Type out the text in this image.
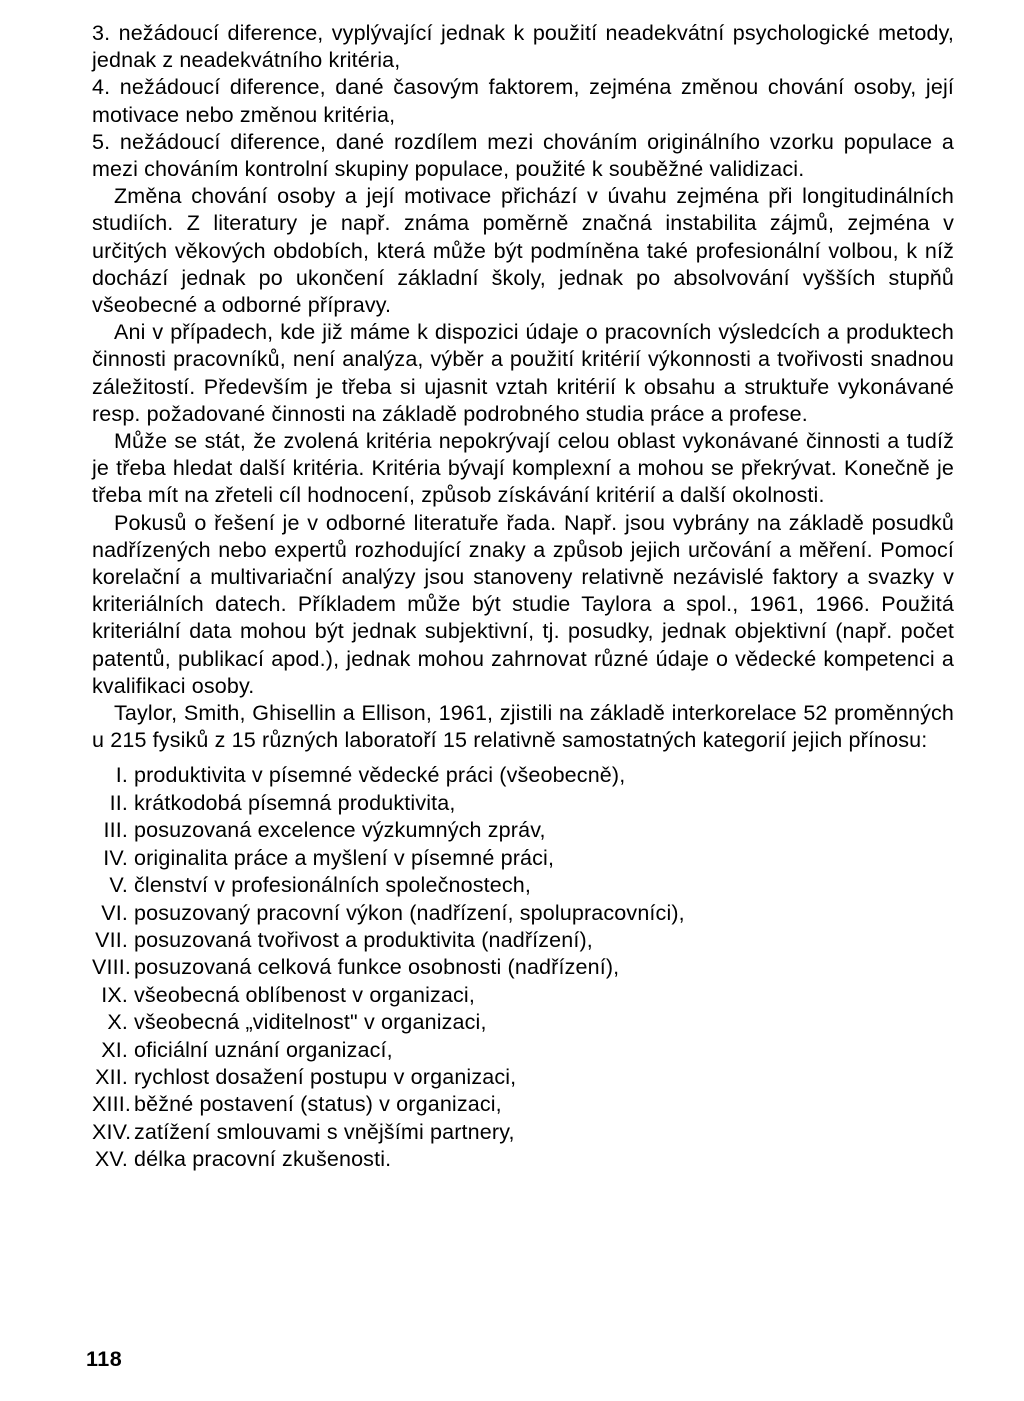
3. nežádoucí diference, vyplývající jednak k použití neadekvátní psychologické metody, jednak z neadekvátního kritéria,

4. nežádoucí diference, dané časovým faktorem, zejména změnou chování osoby, její motivace nebo změnou kritéria,

5. nežádoucí diference, dané rozdílem mezi chováním originálního vzorku populace a mezi chováním kontrolní skupiny populace, použité k souběžné validizaci.

Změna chování osoby a její motivace přichází v úvahu zejména při longitudinálních studiích. Z literatury je např. známa poměrně značná instabilita zájmů, zejména v určitých věkových obdobích, která může být podmíněna také profesionální volbou, k níž dochází jednak po ukončení základní školy, jednak po absolvování vyšších stupňů všeobecné a odborné přípravy.

Ani v případech, kde již máme k dispozici údaje o pracovních výsledcích a produktech činnosti pracovníků, není analýza, výběr a použití kritérií výkonnosti a tvořivosti snadnou záležitostí. Především je třeba si ujasnit vztah kritérií k obsahu a struktuře vykonávané resp. požadované činnosti na základě podrobného studia práce a profese.

Může se stát, že zvolená kritéria nepokrývají celou oblast vykonávané činnosti a tudíž je třeba hledat další kritéria. Kritéria bývají komplexní a mohou se překrývat. Konečně je třeba mít na zřeteli cíl hodnocení, způsob získávání kritérií a další okolnosti.

Pokusů o řešení je v odborné literatuře řada. Např. jsou vybrány na základě posudků nadřízených nebo expertů rozhodující znaky a způsob jejich určování a měření. Pomocí korelační a multivariační analýzy jsou stanoveny relativně nezávislé faktory a svazky v kriteriálních datech. Příkladem může být studie Taylora a spol., 1961, 1966. Použitá kriteriální data mohou být jednak subjektivní, tj. posudky, jednak objektivní (např. počet patentů, publikací apod.), jednak mohou zahrnovat různé údaje o vědecké kompetenci a kvalifikaci osoby.

Taylor, Smith, Ghisellin a Ellison, 1961, zjistili na základě interkorelace 52 proměnných u 215 fysiků z 15 různých laboratoří 15 relativně samostatných kategorií jejich přínosu:

I. produktivita v písemné vědecké práci (všeobecně),
II. krátkodobá písemná produktivita,
III. posuzovaná excelence výzkumných zpráv,
IV. originalita práce a myšlení v písemné práci,
V. členství v profesionálních společnostech,
VI. posuzovaný pracovní výkon (nadřízení, spolupracovníci),
VII. posuzovaná tvořivost a produktivita (nadřízení),
VIII. posuzovaná celková funkce osobnosti (nadřízení),
IX. všeobecná oblíbenost v organizaci,
X. všeobecná „viditelnost" v organizaci,
XI. oficiální uznání organizací,
XII. rychlost dosažení postupu v organizaci,
XIII. běžné postavení (status) v organizaci,
XIV. zatížení smlouvami s vnějšími partnery,
XV. délka pracovní zkušenosti.
118
